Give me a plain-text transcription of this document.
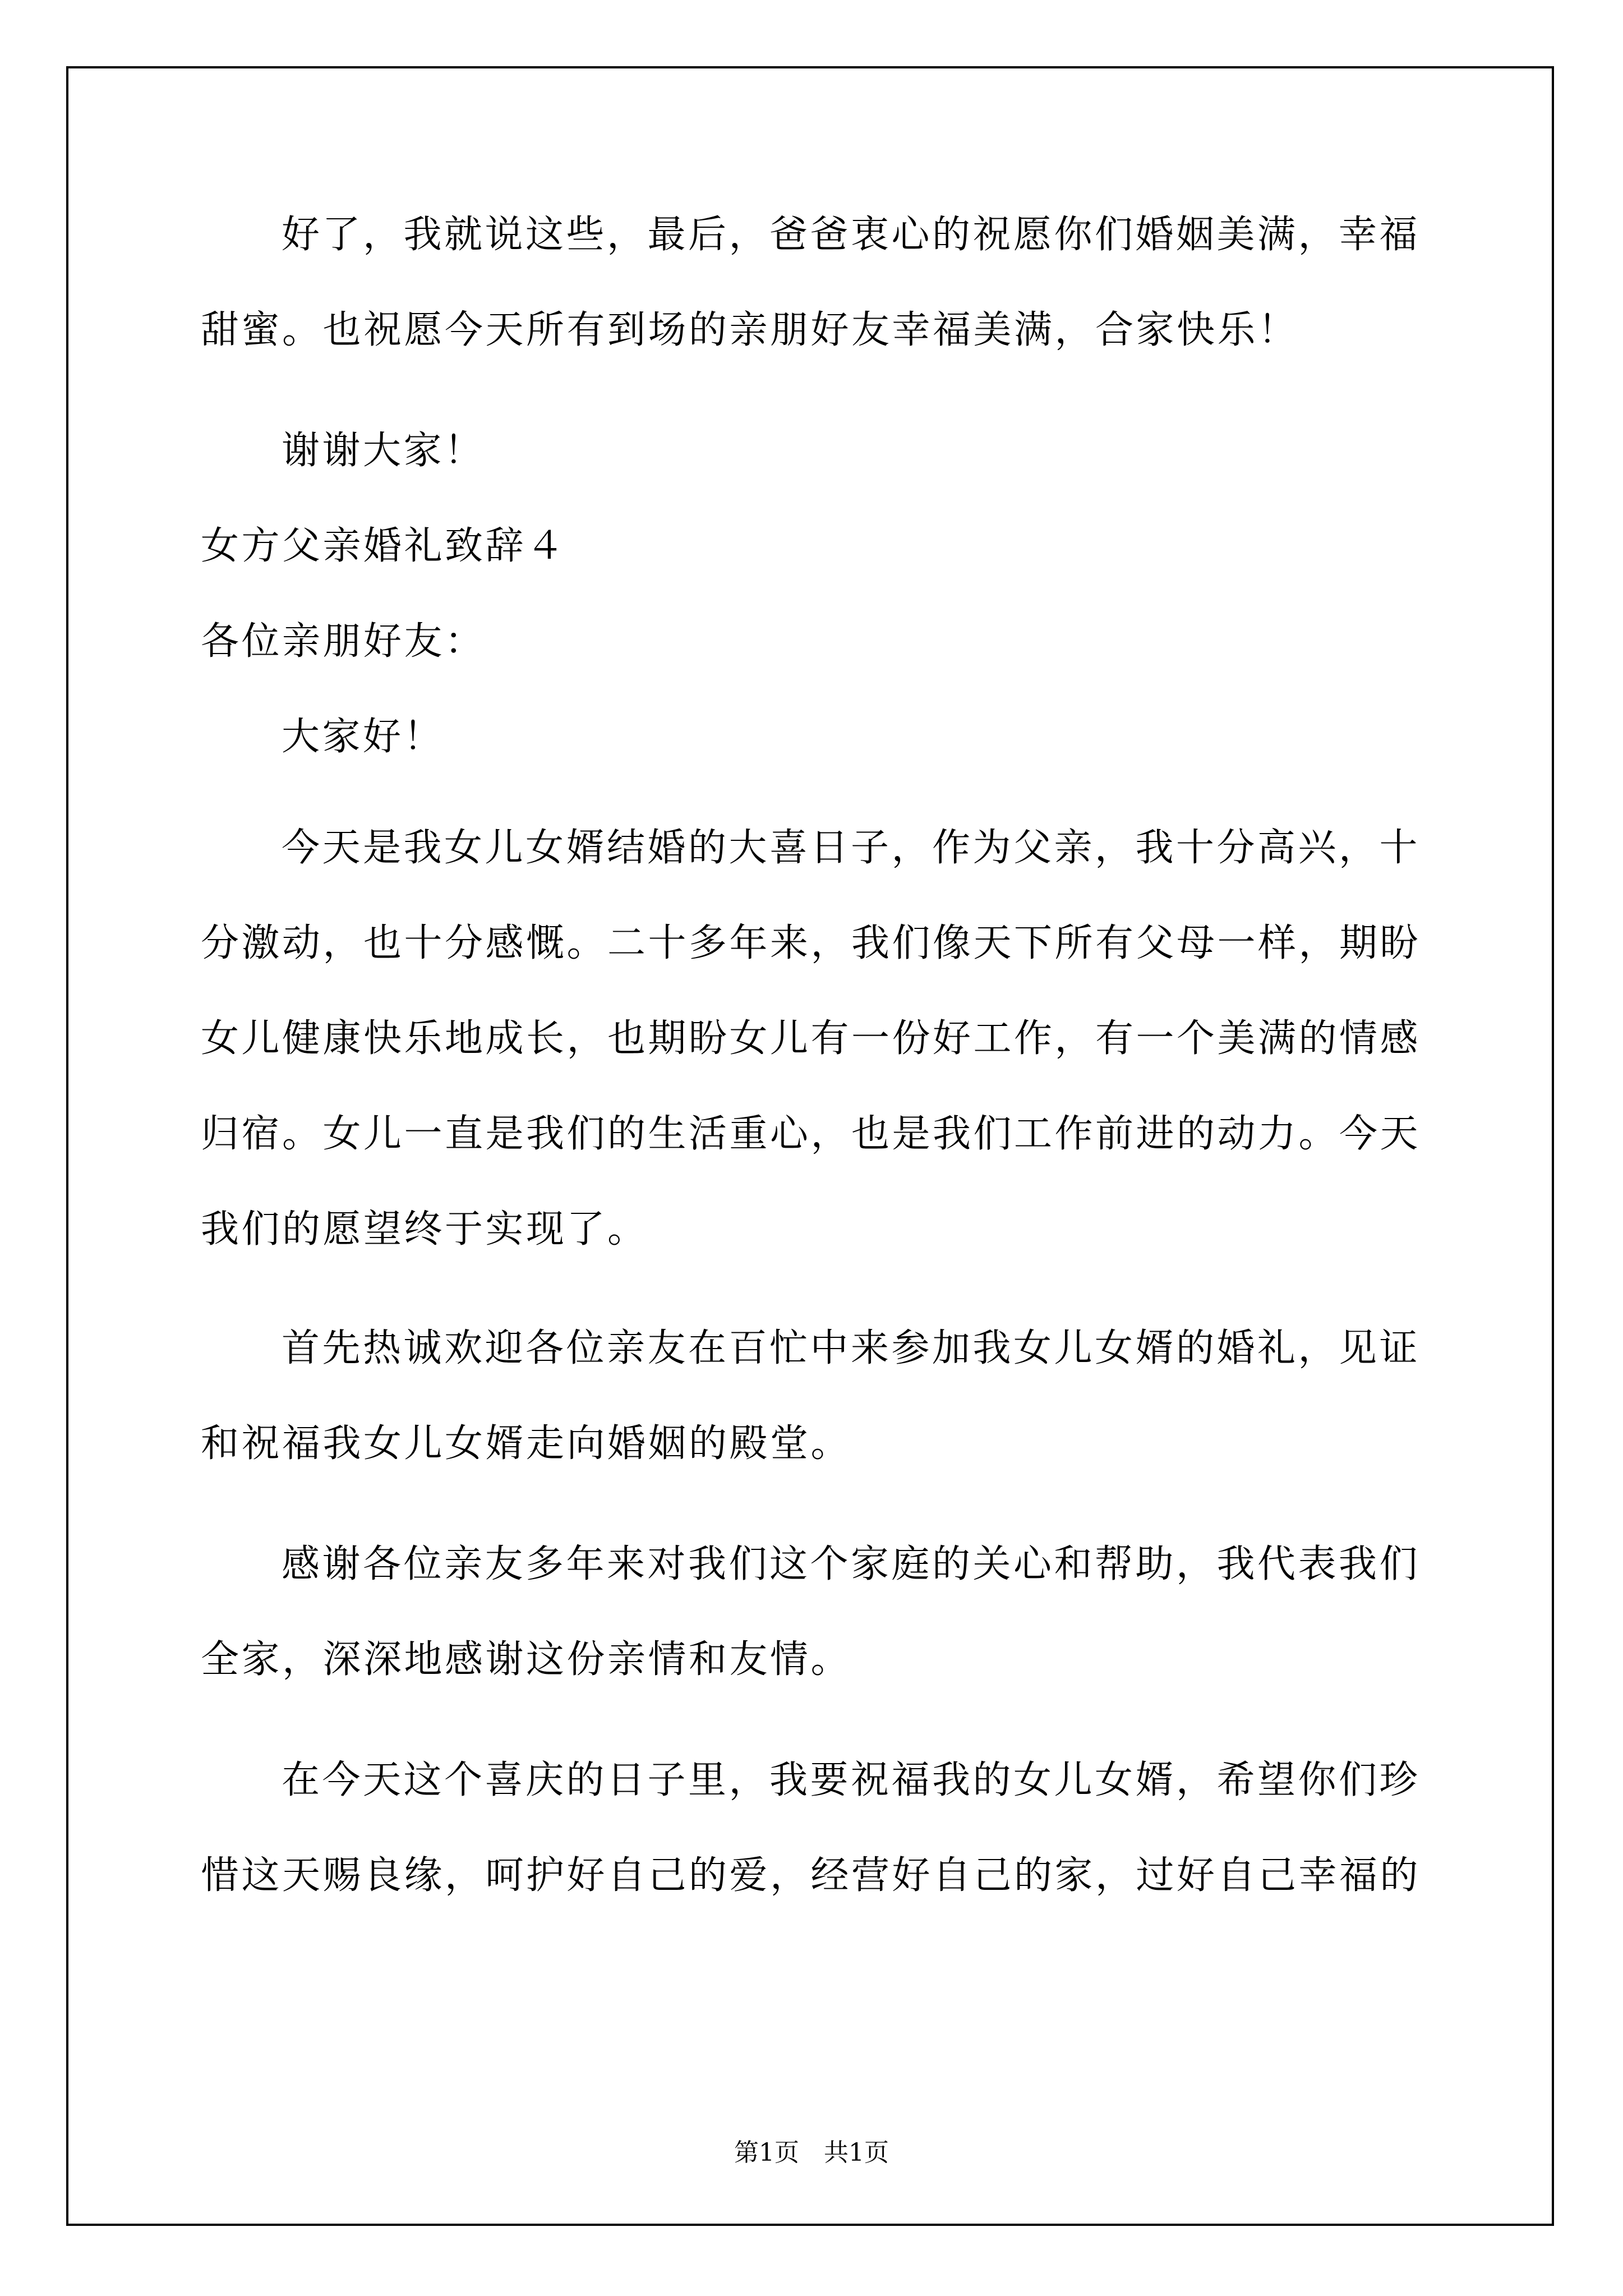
好了，我就说这些，最后，爸爸衷心的祝愿你们婚姻美满，幸福
甜蜜。也祝愿今天所有到场的亲朋好友幸福美满，合家快乐！
谢谢大家！
女方父亲婚礼致辞４
各位亲朋好友：
大家好！
今天是我女儿女婿结婚的大喜日子，作为父亲，我十分高兴，十
分激动，也十分感慨。二十多年来，我们像天下所有父母一样，期盼
女儿健康快乐地成长，也期盼女儿有一份好工作，有一个美满的情感
归宿。女儿一直是我们的生活重心，也是我们工作前进的动力。今天
我们的愿望终于实现了。
首先热诚欢迎各位亲友在百忙中来参加我女儿女婿的婚礼，见证
和祝福我女儿女婿走向婚姻的殿堂。
感谢各位亲友多年来对我们这个家庭的关心和帮助，我代表我们
全家，深深地感谢这份亲情和友情。
在今天这个喜庆的日子里，我要祝福我的女儿女婿，希望你们珍
惜这天赐良缘，呵护好自己的爱，经营好自己的家，过好自己幸福的
第1页　共1页
